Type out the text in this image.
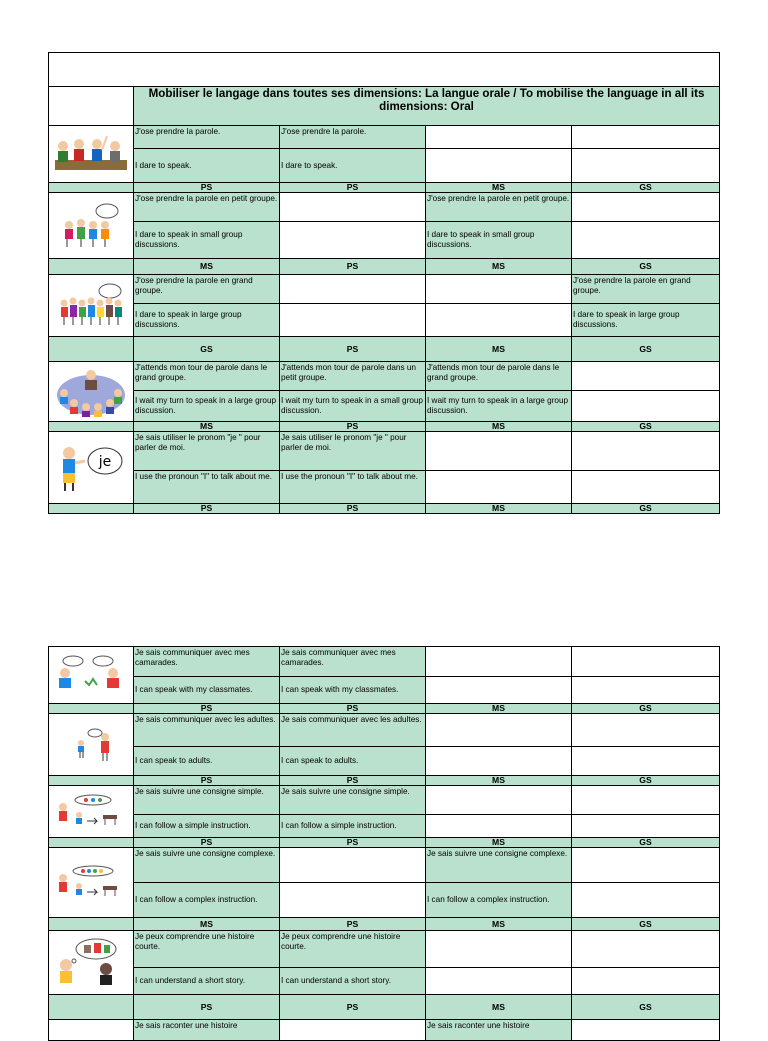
	Mobiliser le langage dans toutes ses dimensions: La langue orale / To mobilise the language in all its dimensions: Oral			

	J'ose prendre la parole.	J'ose prendre la parole.		
	I dare to speak.	I dare to speak.		
	PS	PS	MS	GS

	J'ose prendre la parole en petit groupe.		J'ose prendre la parole en petit groupe.	
	I dare to speak in small group discussions.		I dare to speak in small group discussions.	
	MS	PS	MS	GS

	J'ose prendre la parole en grand groupe.			J'ose prendre la parole en grand groupe.
	I dare to speak in large group discussions.			I dare to speak in large group discussions.
	GS	PS	MS	GS

	J'attends mon tour de parole dans le grand groupe.	J'attends mon tour de parole dans un petit groupe.	J'attends mon tour de parole dans le grand groupe.	
	I wait my turn to speak in a large group discussion.	I wait my turn to speak in a small group discussion.	I wait my turn to speak in a large group discussion.	
	MS	PS	MS	GS

je	Je sais utiliser le pronom "je " pour parler de moi.	Je sais utiliser le pronom "je " pour parler de moi.		
	I use the pronoun "I" to talk about me.	I use the pronoun "I" to talk about me.		
	PS	PS	MS	GS
	Je sais communiquer avec mes camarades.	Je sais communiquer avec mes camarades.		
	I can speak with my classmates.	I can speak with my classmates.		
	PS	PS	MS	GS

	Je sais communiquer avec les adultes.	Je sais communiquer avec les adultes.		
	I can speak to adults.	I can speak to adults.		
	PS	PS	MS	GS

	Je sais suivre une consigne simple.	Je sais suivre une consigne simple.		
	I can follow a simple instruction.	I can follow a simple instruction.		
	PS	PS	MS	GS

	Je sais suivre une consigne complexe.		Je sais suivre une consigne complexe.	
	I can follow a complex instruction.		I can follow a complex instruction.	
	MS	PS	MS	GS

	Je peux comprendre une histoire courte.	Je peux comprendre une histoire courte.		
	I can understand a short story.	I can understand a short story.		
	PS	PS	MS	GS
	Je sais raconter une histoire		Je sais raconter une histoire	
